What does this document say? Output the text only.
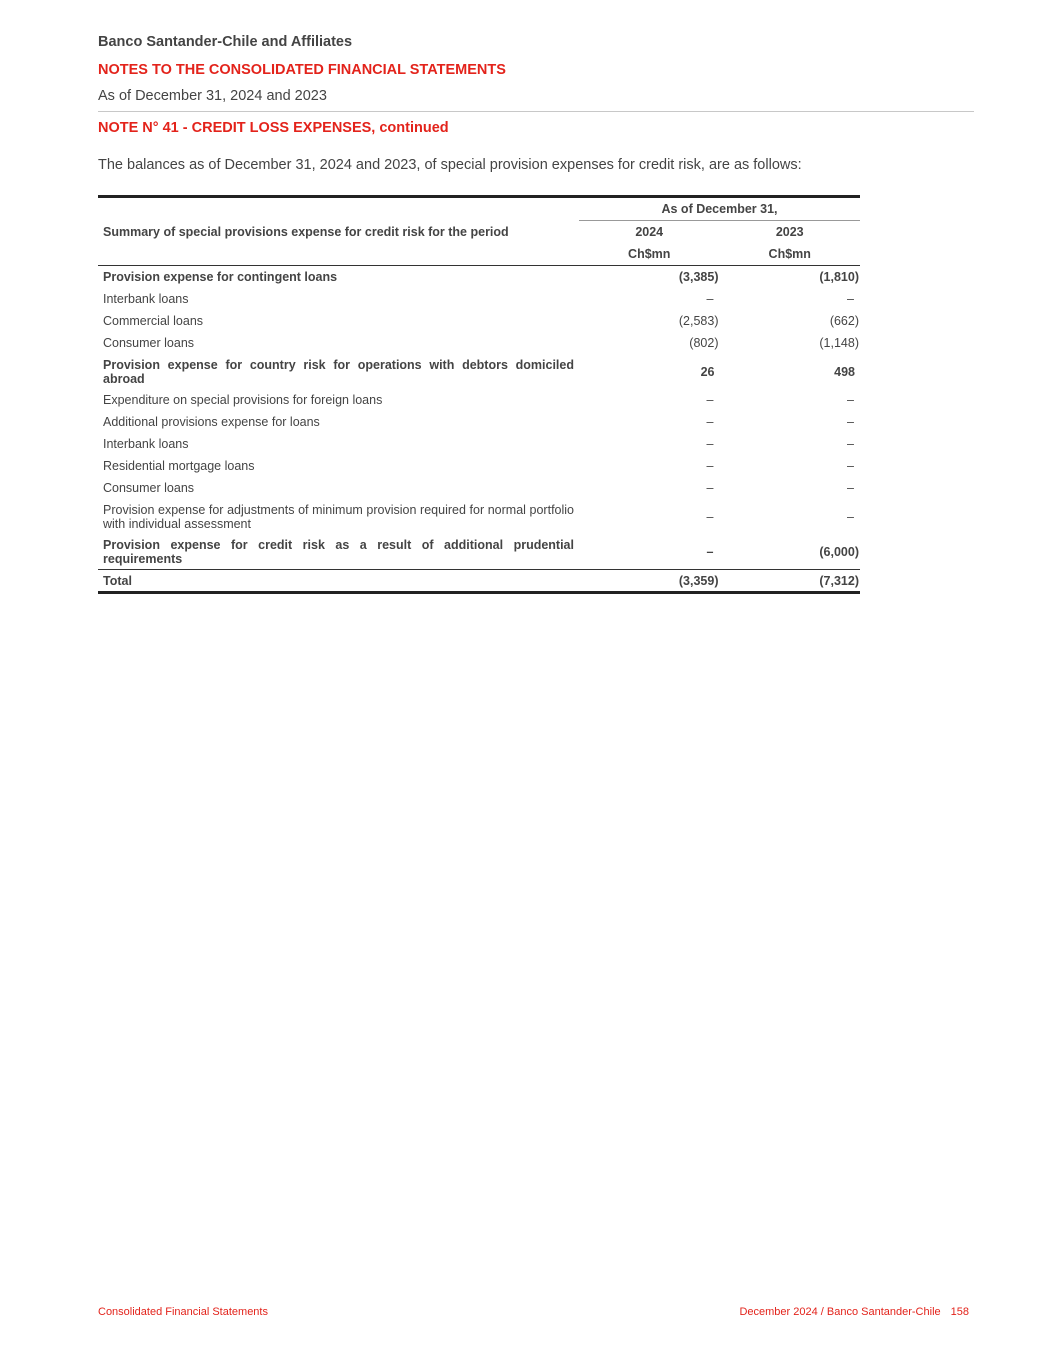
Banco Santander-Chile and Affiliates
NOTES TO THE CONSOLIDATED FINANCIAL STATEMENTS
As of December 31, 2024 and 2023
NOTE N° 41 - CREDIT LOSS EXPENSES, continued
The balances as of December 31, 2024 and 2023, of special provision expenses for credit risk, are as follows:
Summary of special provisions expense for credit risk for the period	As of December 31,	
	2024	2023
	Ch$mn	Ch$mn
Provision expense for contingent loans	(3,385)	(1,810)
Interbank loans	–	–
Commercial loans	(2,583)	(662)
Consumer loans	(802)	(1,148)
Provision expense for country risk for operations with debtors domiciled abroad	26	498
Expenditure on special provisions for foreign loans	–	–
Additional provisions expense for loans	–	–
Interbank loans	–	–
Residential mortgage loans	–	–
Consumer loans	–	–
Provision expense for adjustments of minimum provision required for normal portfolio with individual assessment	–	–
Provision expense for credit risk as a result of additional prudential requirements	–	(6,000)
Total	(3,359)	(7,312)
Consolidated Financial Statements	December 2024 / Banco Santander-Chile 158
